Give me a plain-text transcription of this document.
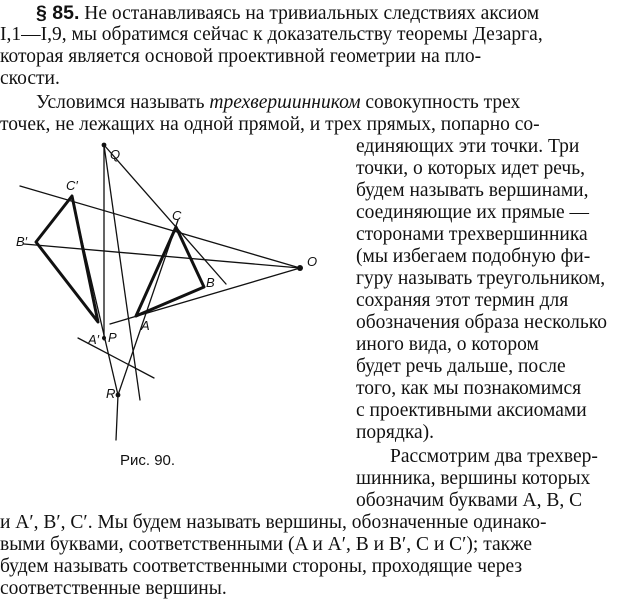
§ 85. Не останавливаясь на тривиальных следствиях аксиом
I,1—I,9, мы обратимся сейчас к доказательству теоремы Дезарга,
которая является основой проективной геометрии на пло-
скости.
Условимся называть трехвершинником совокупность трех
точек, не лежащих на одной прямой, и трех прямых, попарно со-
единяющих эти точки. Три
точки, о которых идет речь,
будем называть вершинами,
соединяющие их прямые —
сторонами трехвершинника
(мы избегаем подобную фи-
гуру называть треугольником,
сохраняя этот термин для
обозначения образа несколько
иного вида, о котором
будет речь дальше, после
того, как мы познакомимся
с проективными аксиомами
порядка).
Рассмотрим два трехвер-
шинника, вершины которых
обозначим буквами A, B, C
и A′, B′, C′. Мы будем называть вершины, обозначенные одинако-
выми буквами, соответственными (A и A′, B и B′, C и C′); также
будем называть соответственными стороны, проходящие через
соответственные вершины.
Q
C′
C
B′
B
O
A′
A
P
R
Рис. 90.
